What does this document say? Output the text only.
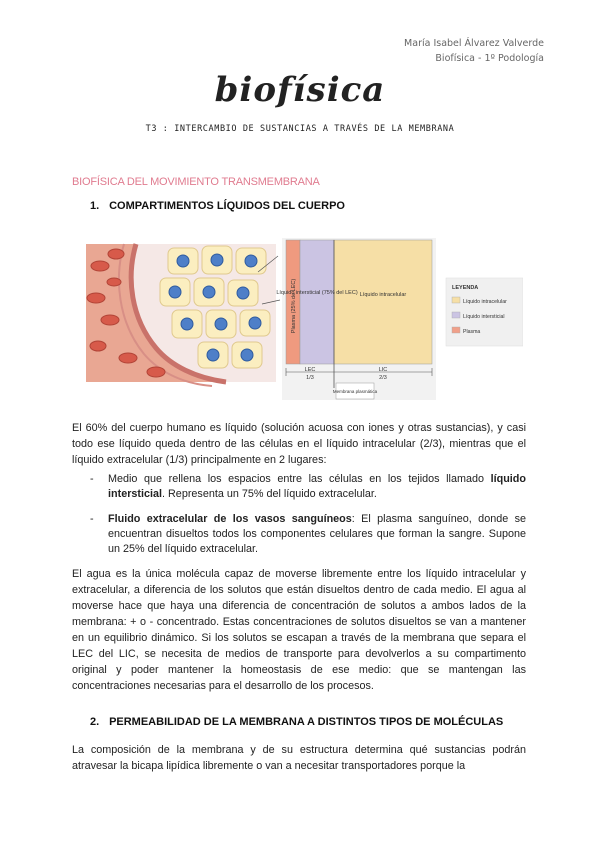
María Isabel Álvarez Valverde
Biofísica - 1º Podología
biofísica
T3 : INTERCAMBIO DE SUSTANCIAS A TRAVÉS DE LA MEMBRANA
BIOFÍSICA DEL MOVIMIENTO TRANSMEMBRANA
1. COMPARTIMENTOS LÍQUIDOS DEL CUERPO
Plasma (25% de LEC)
Líquido intersticial (75% del LEC) Líquido intracelular
LEC
1/3
LIC
2/3
Membrana plasmática
LEYENDA
Líquido intracelular
Líquido intersticial
Plasma
El 60% del cuerpo humano es líquido (solución acuosa con iones y otras sustancias), y casi todo ese líquido queda dentro de las células en el líquido intracelular (2/3), mientras que el líquido extracelular (1/3) principalmente en 2 lugares:
- Medio que rellena los espacios entre las células en los tejidos llamado líquido intersticial. Representa un 75% del líquido extracelular.
- Fluido extracelular de los vasos sanguíneos: El plasma sanguíneo, donde se encuentran disueltos todos los componentes celulares que forman la sangre. Supone un 25% del líquido extracelular.
El agua es la única molécula capaz de moverse libremente entre los líquido intracelular y extracelular, a diferencia de los solutos que están disueltos dentro de cada medio. El agua al moverse hace que haya una diferencia de concentración de solutos a ambos lados de la membrana: + o - concentrado. Estas concentraciones de solutos disueltos se van a mantener en un equilibrio dinámico. Si los solutos se escapan a través de la membrana que separa el LEC del LIC, se necesita de medios de transporte para devolverlos a su compartimento original y poder mantener la homeostasis de ese medio: que se mantengan las concentraciones necesarias para el desarrollo de los procesos.
2. PERMEABILIDAD DE LA MEMBRANA A DISTINTOS TIPOS DE MOLÉCULAS
La composición de la membrana y de su estructura determina qué sustancias podrán atravesar la bicapa lipídica libremente o van a necesitar transportadores porque la
